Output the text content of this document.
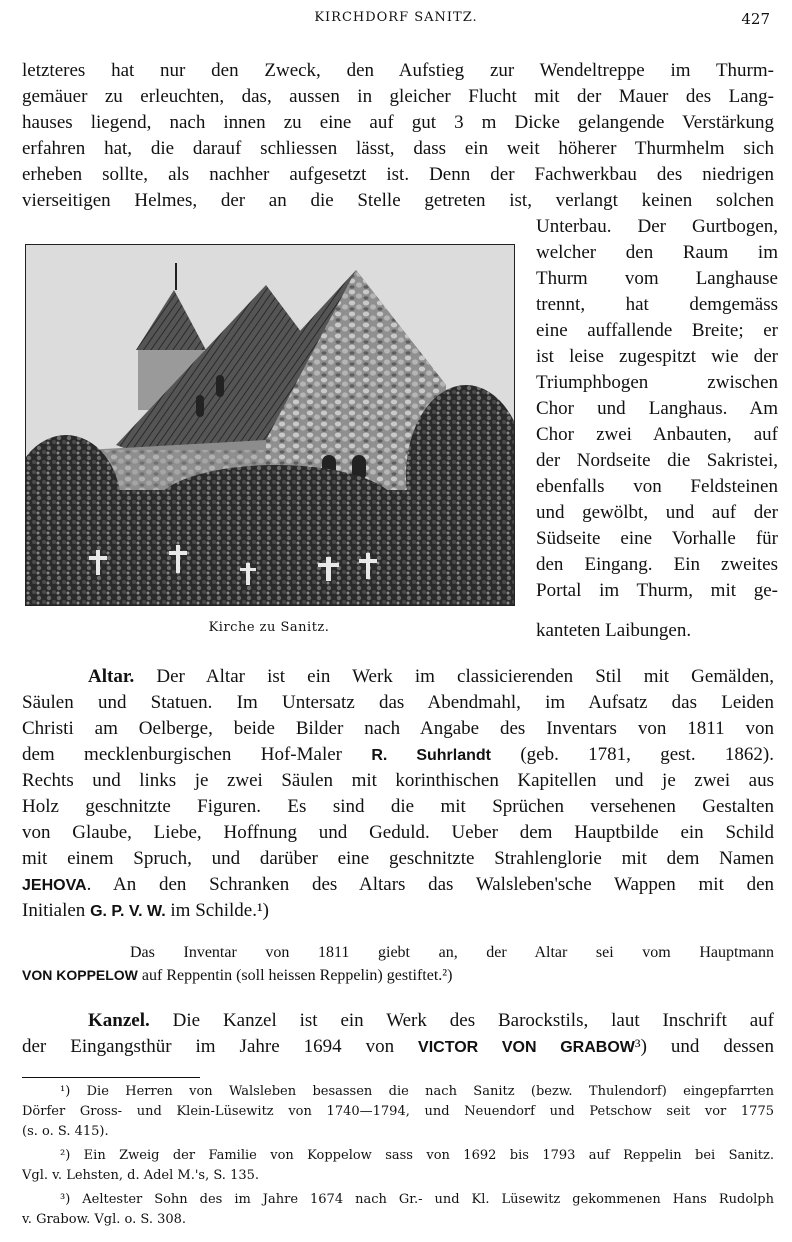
KIRCHDORF SANITZ.	427
letzteres hat nur den Zweck, den Aufstieg zur Wendeltreppe im Thurm-
gemäuer zu erleuchten, das, aussen in gleicher Flucht mit der Mauer des Lang-
hauses liegend, nach innen zu eine auf gut 3 m Dicke gelangende Verstärkung
erfahren hat, die darauf schliessen lässt, dass ein weit höherer Thurmhelm sich
erheben sollte, als nachher aufgesetzt ist. Denn der Fachwerkbau des niedrigen
vierseitigen Helmes, der an die Stelle getreten ist, verlangt keinen solchen
Kirche zu Sanitz.
Unterbau. Der Gurtbogen,
welcher den Raum im
Thurm vom Langhause
trennt, hat demgemäss
eine auffallende Breite; er
ist leise zugespitzt wie der
Triumphbogen zwischen
Chor und Langhaus. Am
Chor zwei Anbauten, auf
der Nordseite die Sakristei,
ebenfalls von Feldsteinen
und gewölbt, und auf der
Südseite eine Vorhalle für
den Eingang. Ein zweites
Portal im Thurm, mit ge-
kanteten Laibungen.
Altar. Der Altar ist ein Werk im classicierenden Stil mit Gemälden,
Säulen und Statuen. Im Untersatz das Abendmahl, im Aufsatz das Leiden
Christi am Oelberge, beide Bilder nach Angabe des Inventars von 1811 von
dem mecklenburgischen Hof-Maler R. Suhrlandt (geb. 1781, gest. 1862).
Rechts und links je zwei Säulen mit korinthischen Kapitellen und je zwei aus
Holz geschnitzte Figuren. Es sind die mit Sprüchen versehenen Gestalten
von Glaube, Liebe, Hoffnung und Geduld. Ueber dem Hauptbilde ein Schild
mit einem Spruch, und darüber eine geschnitzte Strahlenglorie mit dem Namen
JEHOVA. An den Schranken des Altars das Walsleben'sche Wappen mit den
Initialen G. P. V. W. im Schilde.¹)
Das Inventar von 1811 giebt an, der Altar sei vom Hauptmann
VON KOPPELOW auf Reppentin (soll heissen Reppelin) gestiftet.²)
Kanzel. Die Kanzel ist ein Werk des Barockstils, laut Inschrift auf
der Eingangsthür im Jahre 1694 von VICTOR VON GRABOW³) und dessen
¹) Die Herren von Walsleben besassen die nach Sanitz (bezw. Thulendorf) eingepfarrten
Dörfer Gross- und Klein-Lüsewitz von 1740—1794, und Neuendorf und Petschow seit vor 1775
(s. o. S. 415).
²) Ein Zweig der Familie von Koppelow sass von 1692 bis 1793 auf Reppelin bei Sanitz.
Vgl. v. Lehsten, d. Adel M.'s, S. 135.
³) Aeltester Sohn des im Jahre 1674 nach Gr.- und Kl. Lüsewitz gekommenen Hans Rudolph
v. Grabow. Vgl. o. S. 308.
